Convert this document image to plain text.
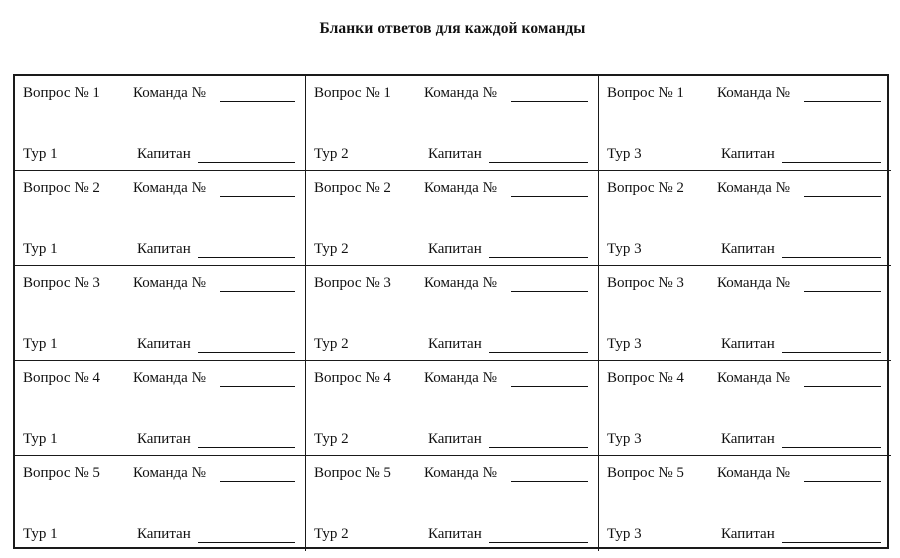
Бланки ответов для каждой команды
Вопрос № 1 Команда №
Тур 1	Капитан
Вопрос № 1 Команда №
Тур 2	Капитан
Вопрос № 1 Команда №
Тур 3	Капитан
Вопрос № 2 Команда №
Тур 1	Капитан
Вопрос № 2 Команда №
Тур 2	Капитан
Вопрос № 2 Команда №
Тур 3	Капитан
Вопрос № 3 Команда №
Тур 1	Капитан
Вопрос № 3 Команда №
Тур 2	Капитан
Вопрос № 3 Команда №
Тур 3	Капитан
Вопрос № 4 Команда №
Тур 1	Капитан
Вопрос № 4 Команда №
Тур 2	Капитан
Вопрос № 4 Команда №
Тур 3	Капитан
Вопрос № 5 Команда №
Тур 1	Капитан
Вопрос № 5 Команда №
Тур 2	Капитан
Вопрос № 5 Команда №
Тур 3	Капитан
